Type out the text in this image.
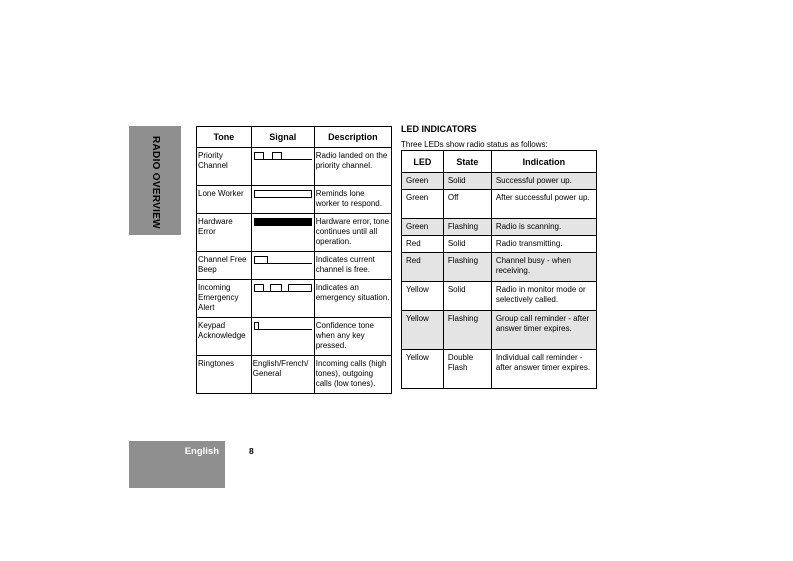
RADIO OVERVIEW	Tone	Signal	Description
Priority Channel		Radio landed on the priority channel.
Lone Worker		Reminds lone worker to respond.
Hardware Error		Hardware error, tone continues until all operation.
Channel Free Beep		Indicates current channel is free.
Incoming Emergency Alert		Indicates an emergency situation.
Keypad Acknowledge		Confidence tone when any key pressed.
Ringtones	English/French/ General	Incoming calls (high tones), outgoing calls (low tones).
LED INDICATORS
Three LEDs show radio status as follows:
LED	State	Indication
Green	Solid	Successful power up.
Green	Off	After successful power up.
Green	Flashing	Radio is scanning.
Red	Solid	Radio transmitting.
Red	Flashing	Channel busy - when receiving.
Yellow	Solid	Radio in monitor mode or selectively called.
Yellow	Flashing	Group call reminder - after answer timer expires.
Yellow	Double Flash	Individual call reminder - after answer timer expires.
English	8
